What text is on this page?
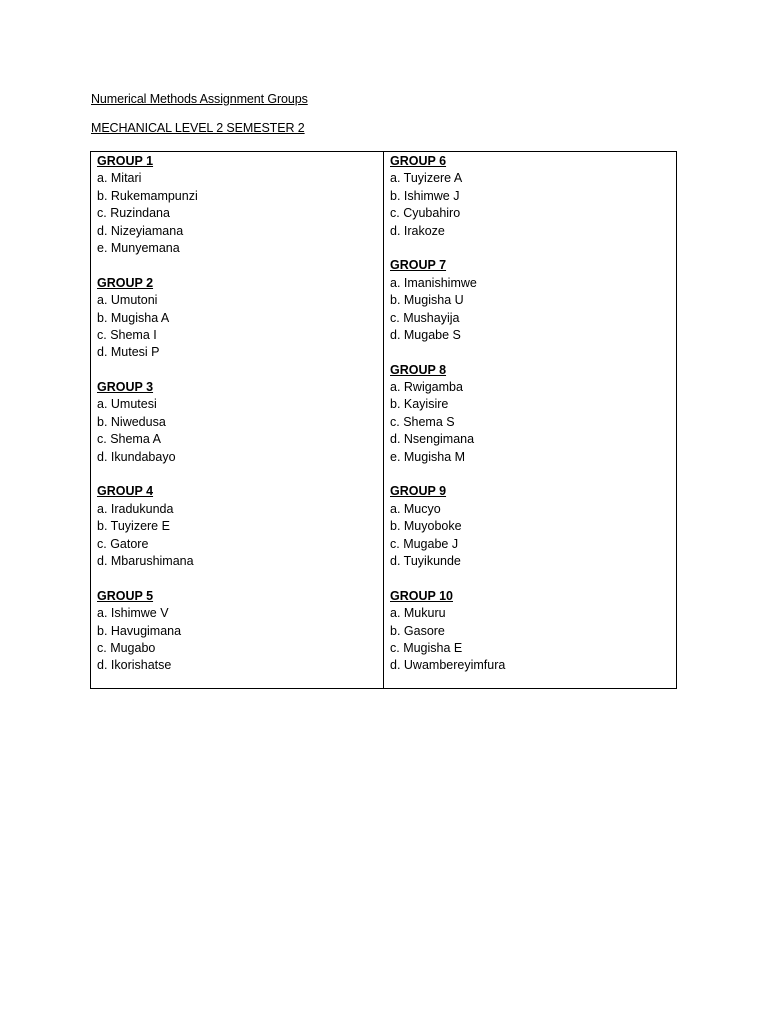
Numerical Methods Assignment Groups
MECHANICAL LEVEL 2 SEMESTER 2
GROUP 1
a. Mitari
b. Rukemampunzi
c. Ruzindana
d. Nizeyiamana
e. Munyemana
GROUP 2
a. Umutoni
b. Mugisha A
c. Shema I
d. Mutesi P
GROUP 3
a. Umutesi
b. Niwedusa
c. Shema A
d. Ikundabayo
GROUP 4
a. Iradukunda
b. Tuyizere E
c. Gatore
d. Mbarushimana
GROUP 5
a. Ishimwe V
b. Havugimana
c. Mugabo
d. Ikorishatse
GROUP 6
a. Tuyizere A
b. Ishimwe J
c. Cyubahiro
d. Irakoze
GROUP 7
a. Imanishimwe
b. Mugisha U
c. Mushayija
d. Mugabe S
GROUP 8
a. Rwigamba
b. Kayisire
c. Shema S
d. Nsengimana
e. Mugisha M
GROUP 9
a. Mucyo
b. Muyoboke
c. Mugabe J
d. Tuyikunde
GROUP 10
a. Mukuru
b. Gasore
c. Mugisha E
d. Uwambereyimfura
